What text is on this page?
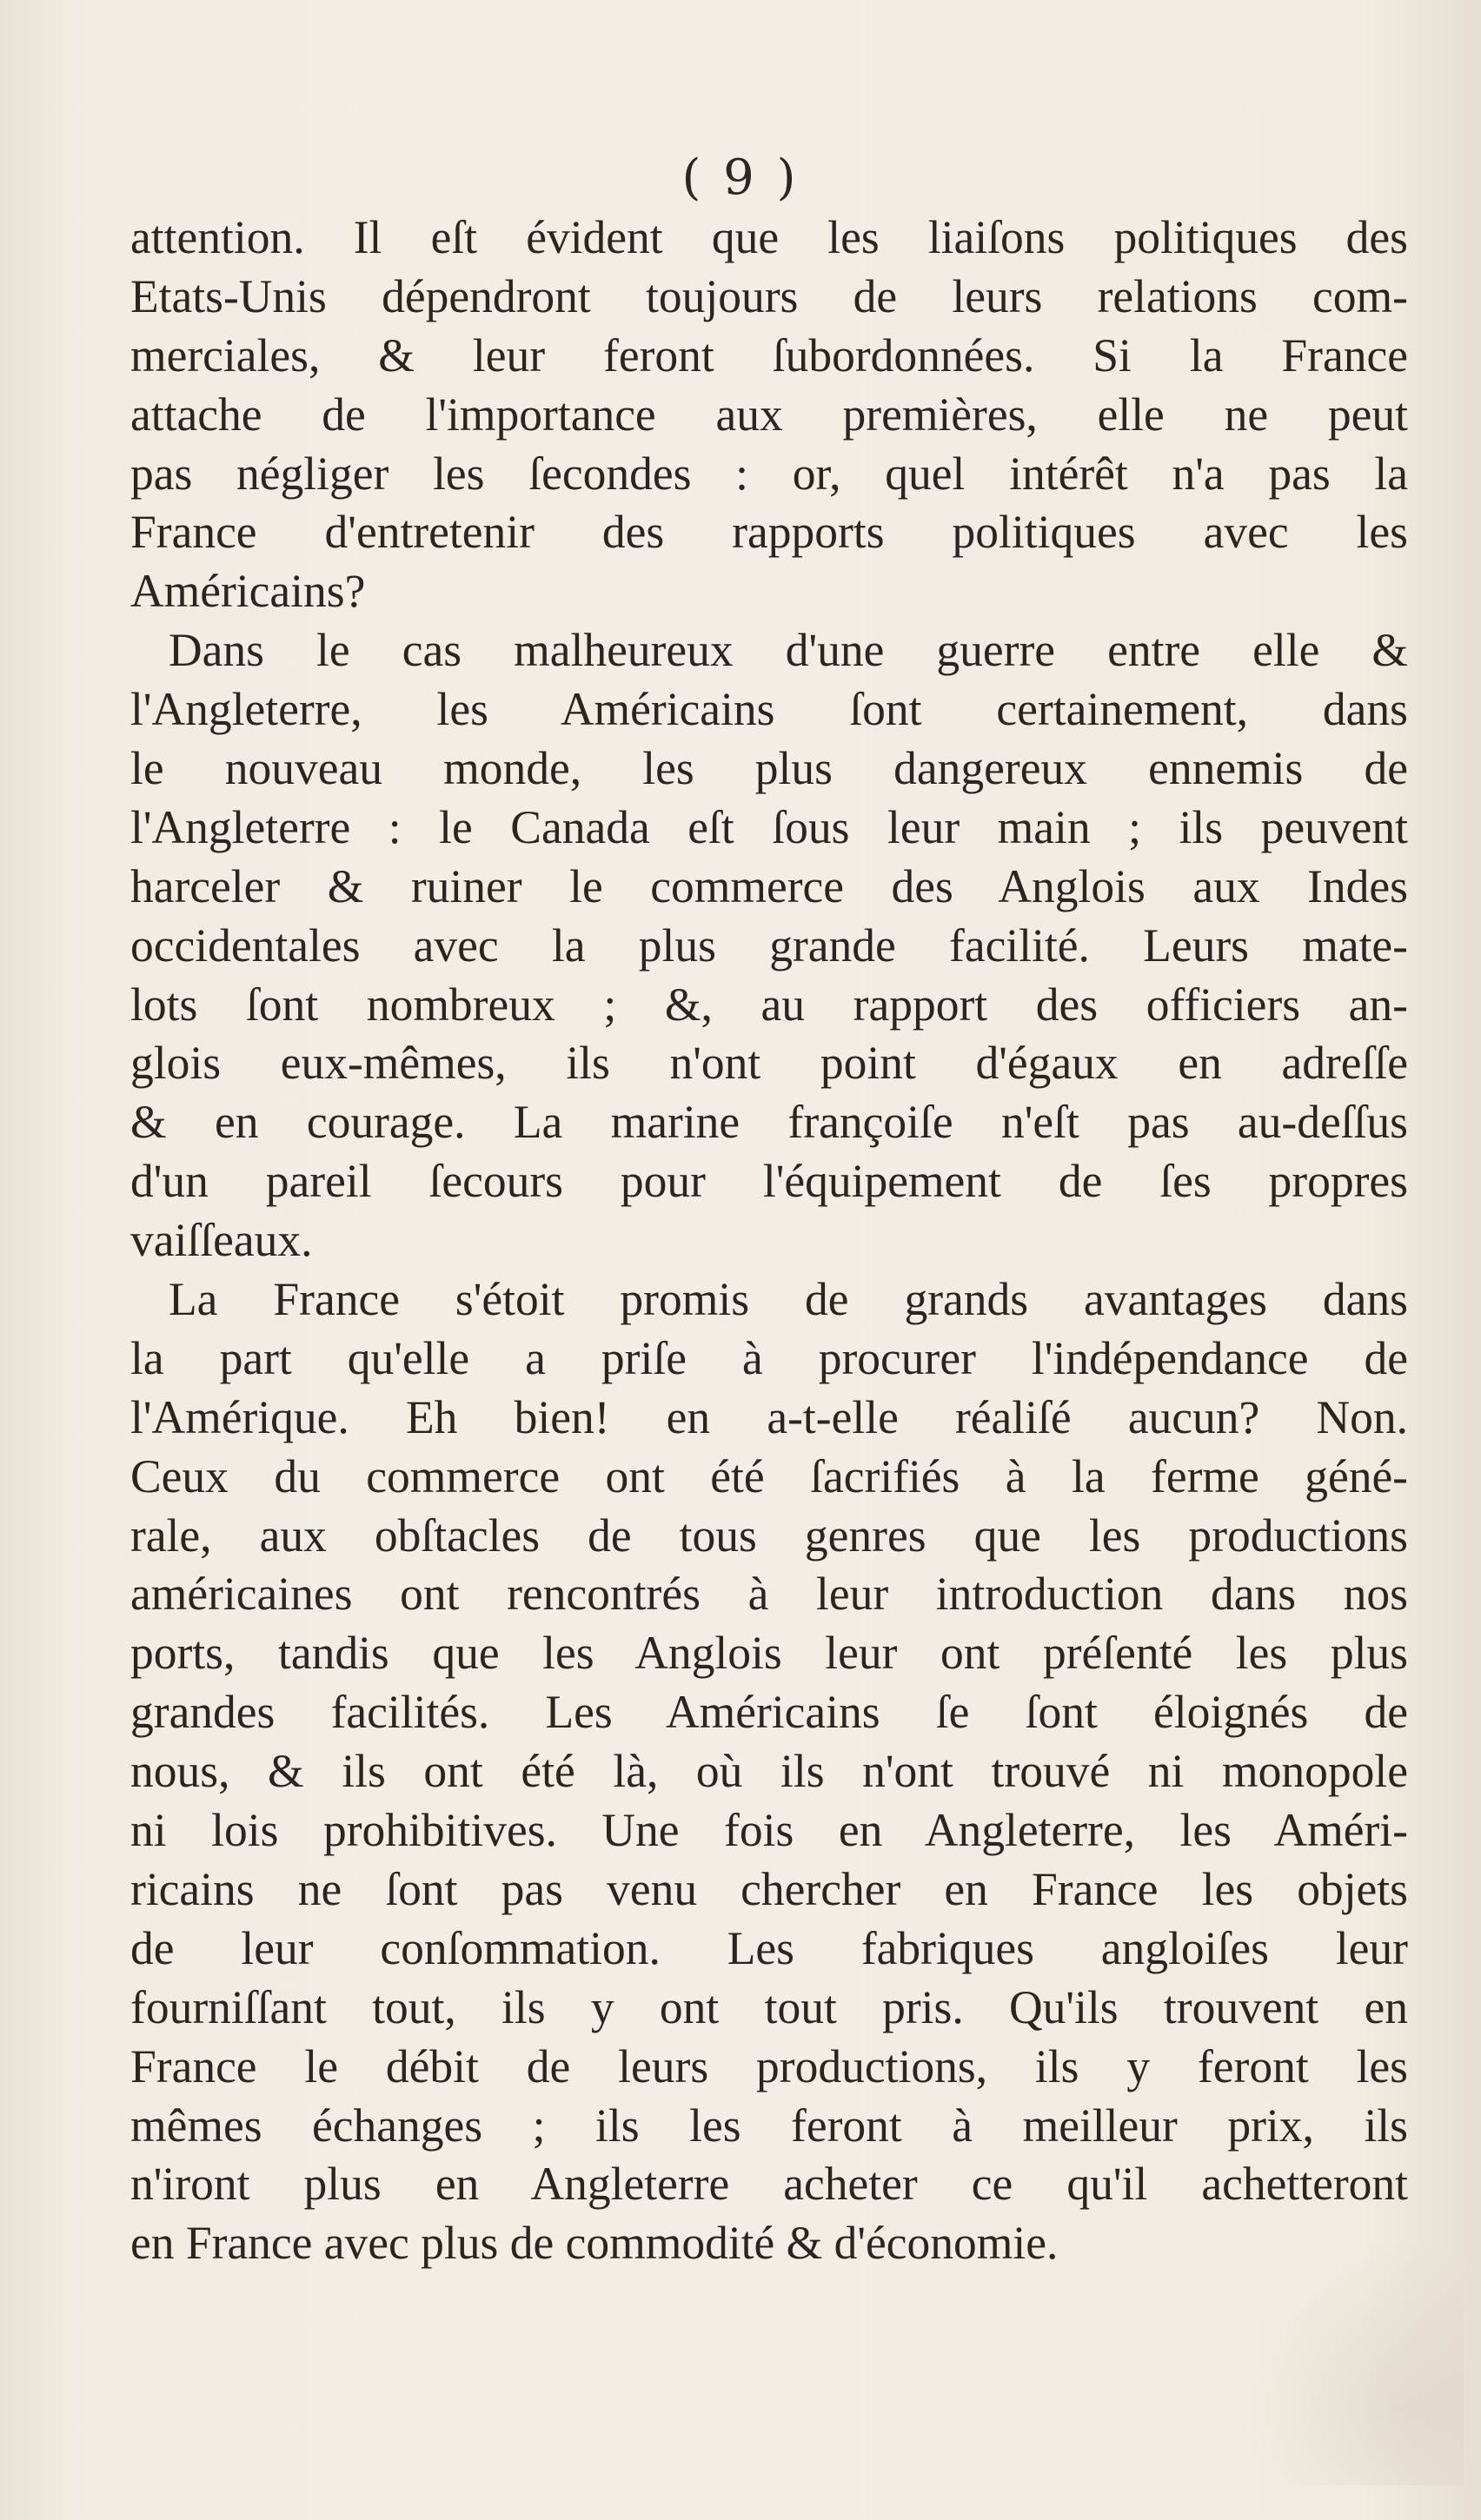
( 9 )
attention. Il eſt évident que les liaiſons politiques des
Etats-Unis dépendront toujours de leurs relations com-
merciales, & leur feront ſubordonnées. Si la France
attache de l'importance aux premières, elle ne peut
pas négliger les ſecondes : or, quel intérêt n'a pas la
France d'entretenir des rapports politiques avec les
Américains?
Dans le cas malheureux d'une guerre entre elle &
l'Angleterre, les Américains ſont certainement, dans
le nouveau monde, les plus dangereux ennemis de
l'Angleterre : le Canada eſt ſous leur main ; ils peuvent
harceler & ruiner le commerce des Anglois aux Indes
occidentales avec la plus grande facilité. Leurs mate-
lots ſont nombreux ; &, au rapport des officiers an-
glois eux-mêmes, ils n'ont point d'égaux en adreſſe
& en courage. La marine françoiſe n'eſt pas au-deſſus
d'un pareil ſecours pour l'équipement de ſes propres
vaiſſeaux.
La France s'étoit promis de grands avantages dans
la part qu'elle a priſe à procurer l'indépendance de
l'Amérique. Eh bien! en a-t-elle réaliſé aucun? Non.
Ceux du commerce ont été ſacrifiés à la ferme géné-
rale, aux obſtacles de tous genres que les productions
américaines ont rencontrés à leur introduction dans nos
ports, tandis que les Anglois leur ont préſenté les plus
grandes facilités. Les Américains ſe ſont éloignés de
nous, & ils ont été là, où ils n'ont trouvé ni monopole
ni lois prohibitives. Une fois en Angleterre, les Améri-
ricains ne ſont pas venu chercher en France les objets
de leur conſommation. Les fabriques angloiſes leur
fourniſſant tout, ils y ont tout pris. Qu'ils trouvent en
France le débit de leurs productions, ils y feront les
mêmes échanges ; ils les feront à meilleur prix, ils
n'iront plus en Angleterre acheter ce qu'il achetteront
en France avec plus de commodité & d'économie.
